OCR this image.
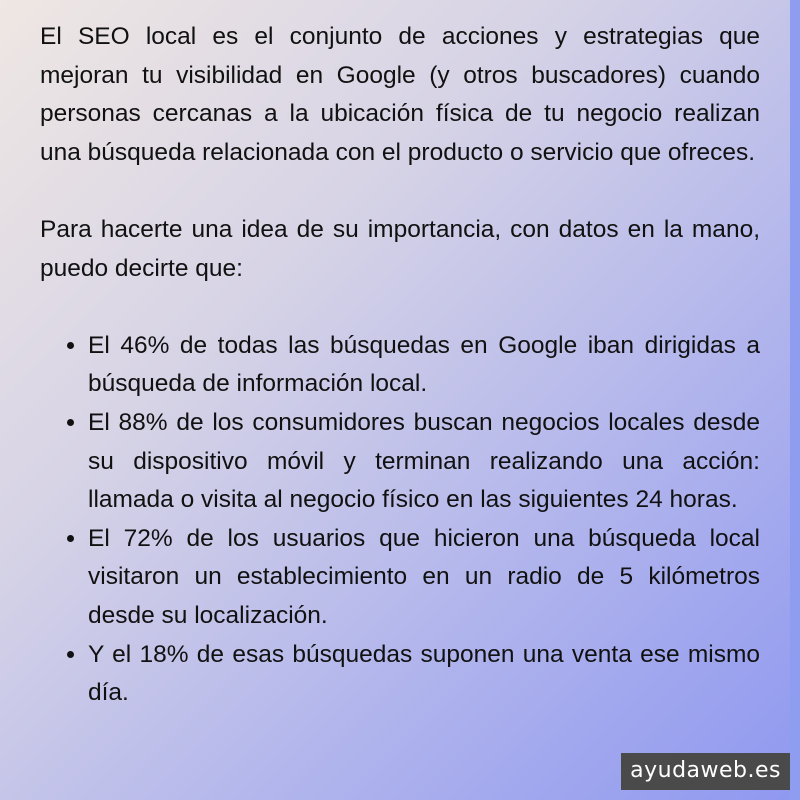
El SEO local es el conjunto de acciones y estrategias que mejoran tu visibilidad en Google (y otros buscadores) cuando personas cercanas a la ubicación física de tu negocio realizan una búsqueda relacionada con el producto o servicio que ofreces.

Para hacerte una idea de su importancia, con datos en la mano, puedo decirte que:

• El 46% de todas las búsquedas en Google iban dirigidas a búsqueda de información local.
• El 88% de los consumidores buscan negocios locales desde su dispositivo móvil y terminan realizando una acción: llamada o visita al negocio físico en las siguientes 24 horas.
• El 72% de los usuarios que hicieron una búsqueda local visitaron un establecimiento en un radio de 5 kilómetros desde su localización.
• Y el 18% de esas búsquedas suponen una venta ese mismo día.
ayudaweb.es
